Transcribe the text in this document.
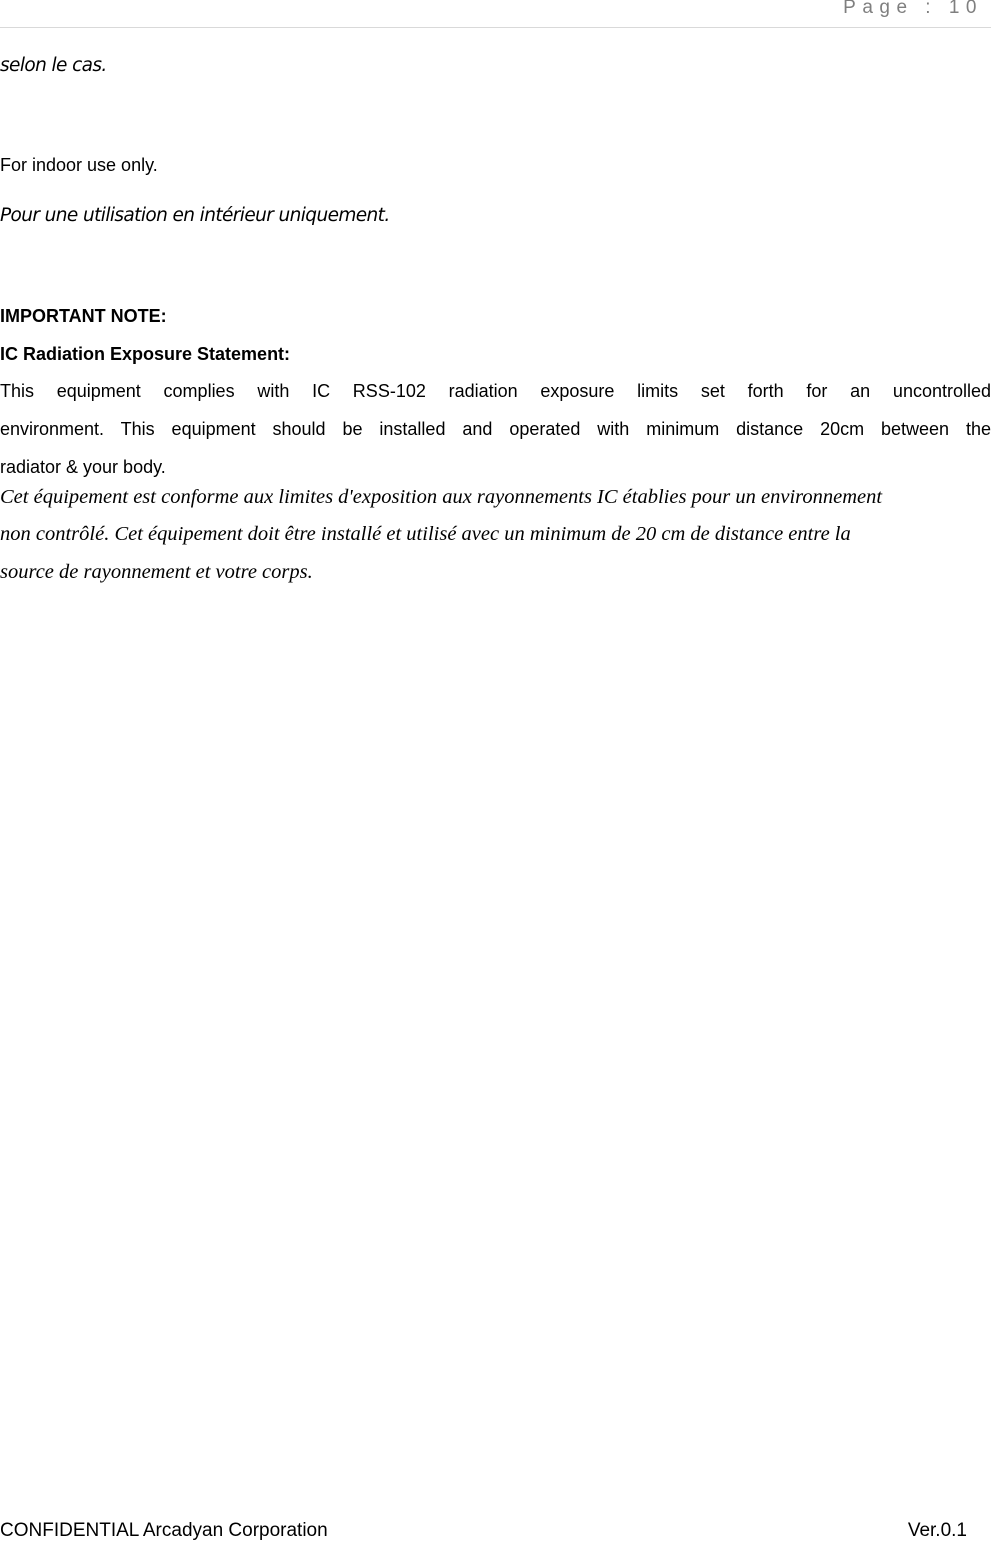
Page : 10

selon le cas.

For indoor use only.

Pour une utilisation en intérieur uniquement.

IMPORTANT NOTE:

IC Radiation Exposure Statement:

This equipment complies with IC RSS-102 radiation exposure limits set forth for an uncontrolled

environment. This equipment should be installed and operated with minimum distance 20cm between the

radiator & your body.

Cet équipement est conforme aux limites d'exposition aux rayonnements IC établies pour un environnement

non contrôlé. Cet équipement doit être installé et utilisé avec un minimum de 20 cm de distance entre la

source de rayonnement et votre corps.

CONFIDENTIAL Arcadyan Corporation	Ver.0.1
